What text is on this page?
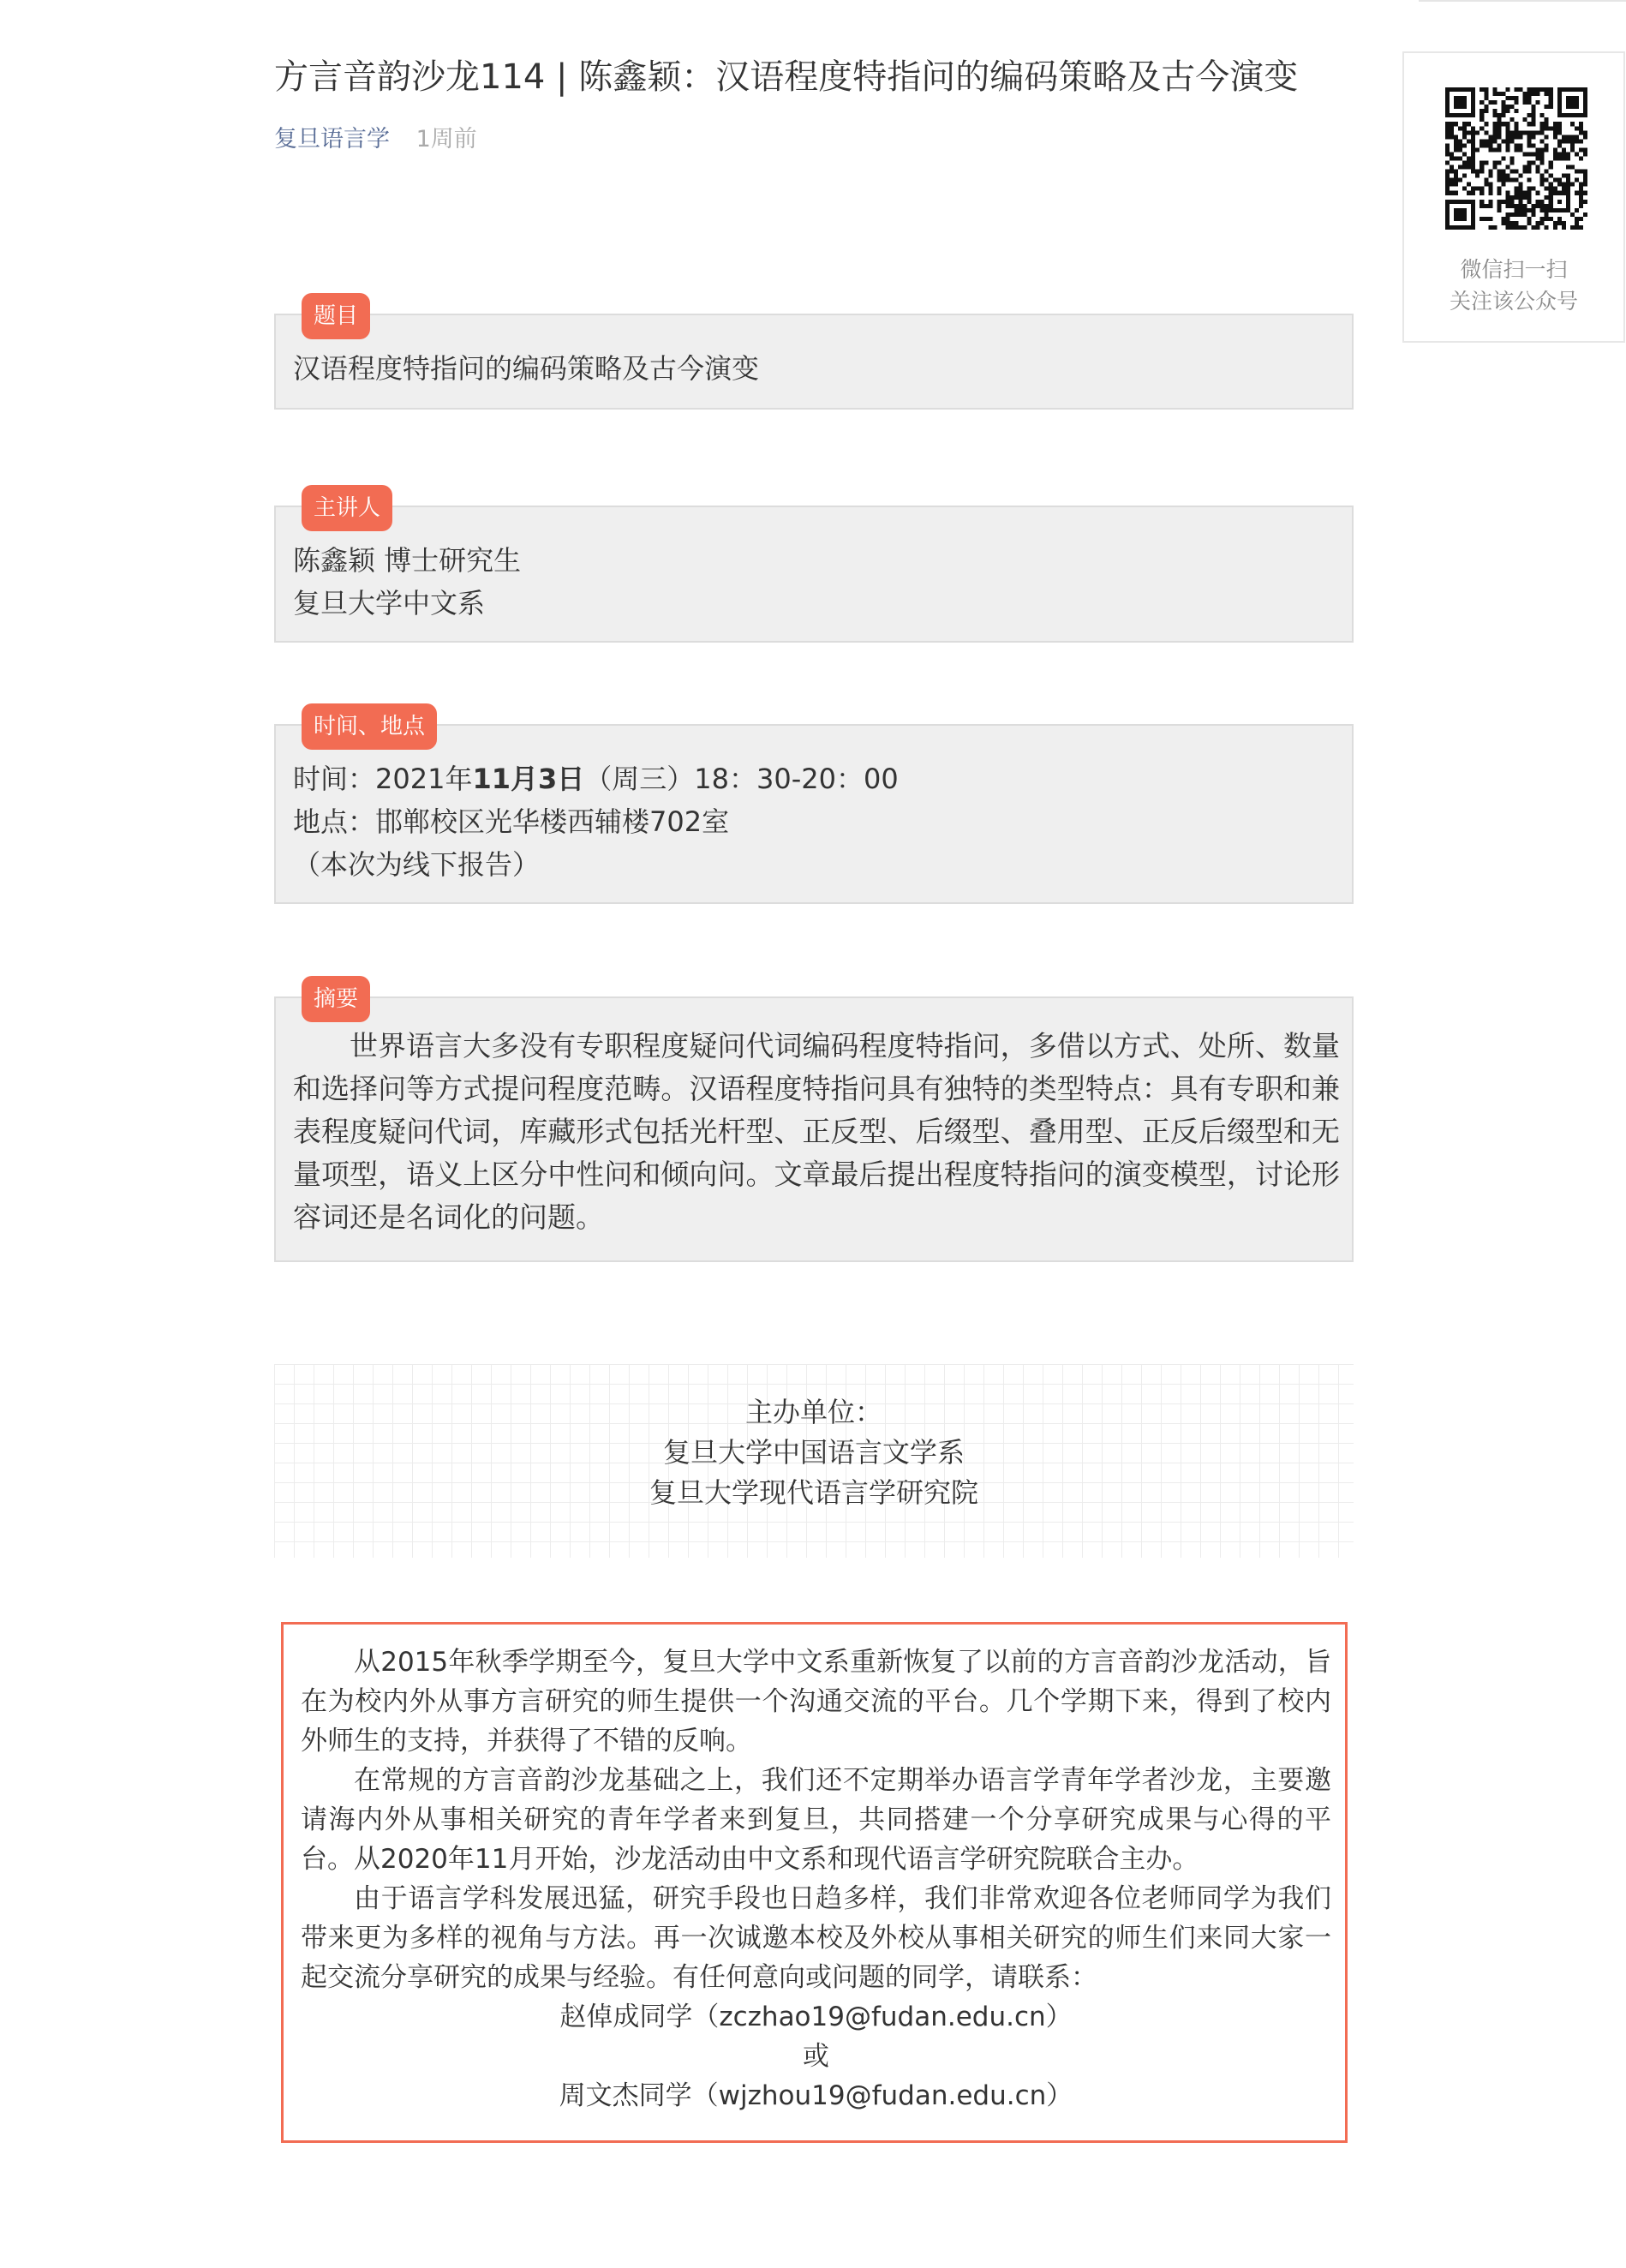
方言音韵沙龙114 | 陈鑫颖：汉语程度特指问的编码策略及古今演变
复旦语言学 1周前
微信扫一扫
关注该公众号
题目
汉语程度特指问的编码策略及古今演变
主讲人
陈鑫颖 博士研究生
复旦大学中文系
时间、地点
时间：2021年11月3日（周三）18：30-20：00
地点：邯郸校区光华楼西辅楼702室
（本次为线下报告）
摘要

世界语言大多没有专职程度疑问代词编码程度特指问，多借以方式、处所、数量和选择问等方式提问程度范畴。汉语程度特指问具有独特的类型特点：具有专职和兼表程度疑问代词，库藏形式包括光杆型、正反型、后缀型、叠用型、正反后缀型和无量项型，语义上区分中性问和倾向问。文章最后提出程度特指问的演变模型，讨论形容词还是名词化的问题。

主办单位：
复旦大学中国语言文学系
复旦大学现代语言学研究院

从2015年秋季学期至今，复旦大学中文系重新恢复了以前的方言音韵沙龙活动，旨在为校内外从事方言研究的师生提供一个沟通交流的平台。几个学期下来，得到了校内外师生的支持，并获得了不错的反响。

在常规的方言音韵沙龙基础之上，我们还不定期举办语言学青年学者沙龙，主要邀请海内外从事相关研究的青年学者来到复旦，共同搭建一个分享研究成果与心得的平台。从2020年11月开始，沙龙活动由中文系和现代语言学研究院联合主办。

由于语言学科发展迅猛，研究手段也日趋多样，我们非常欢迎各位老师同学为我们带来更为多样的视角与方法。再一次诚邀本校及外校从事相关研究的师生们来同大家一起交流分享研究的成果与经验。有任何意向或问题的同学，请联系：

赵倬成同学（zczhao19@fudan.edu.cn）

或

周文杰同学（wjzhou19@fudan.edu.cn）
